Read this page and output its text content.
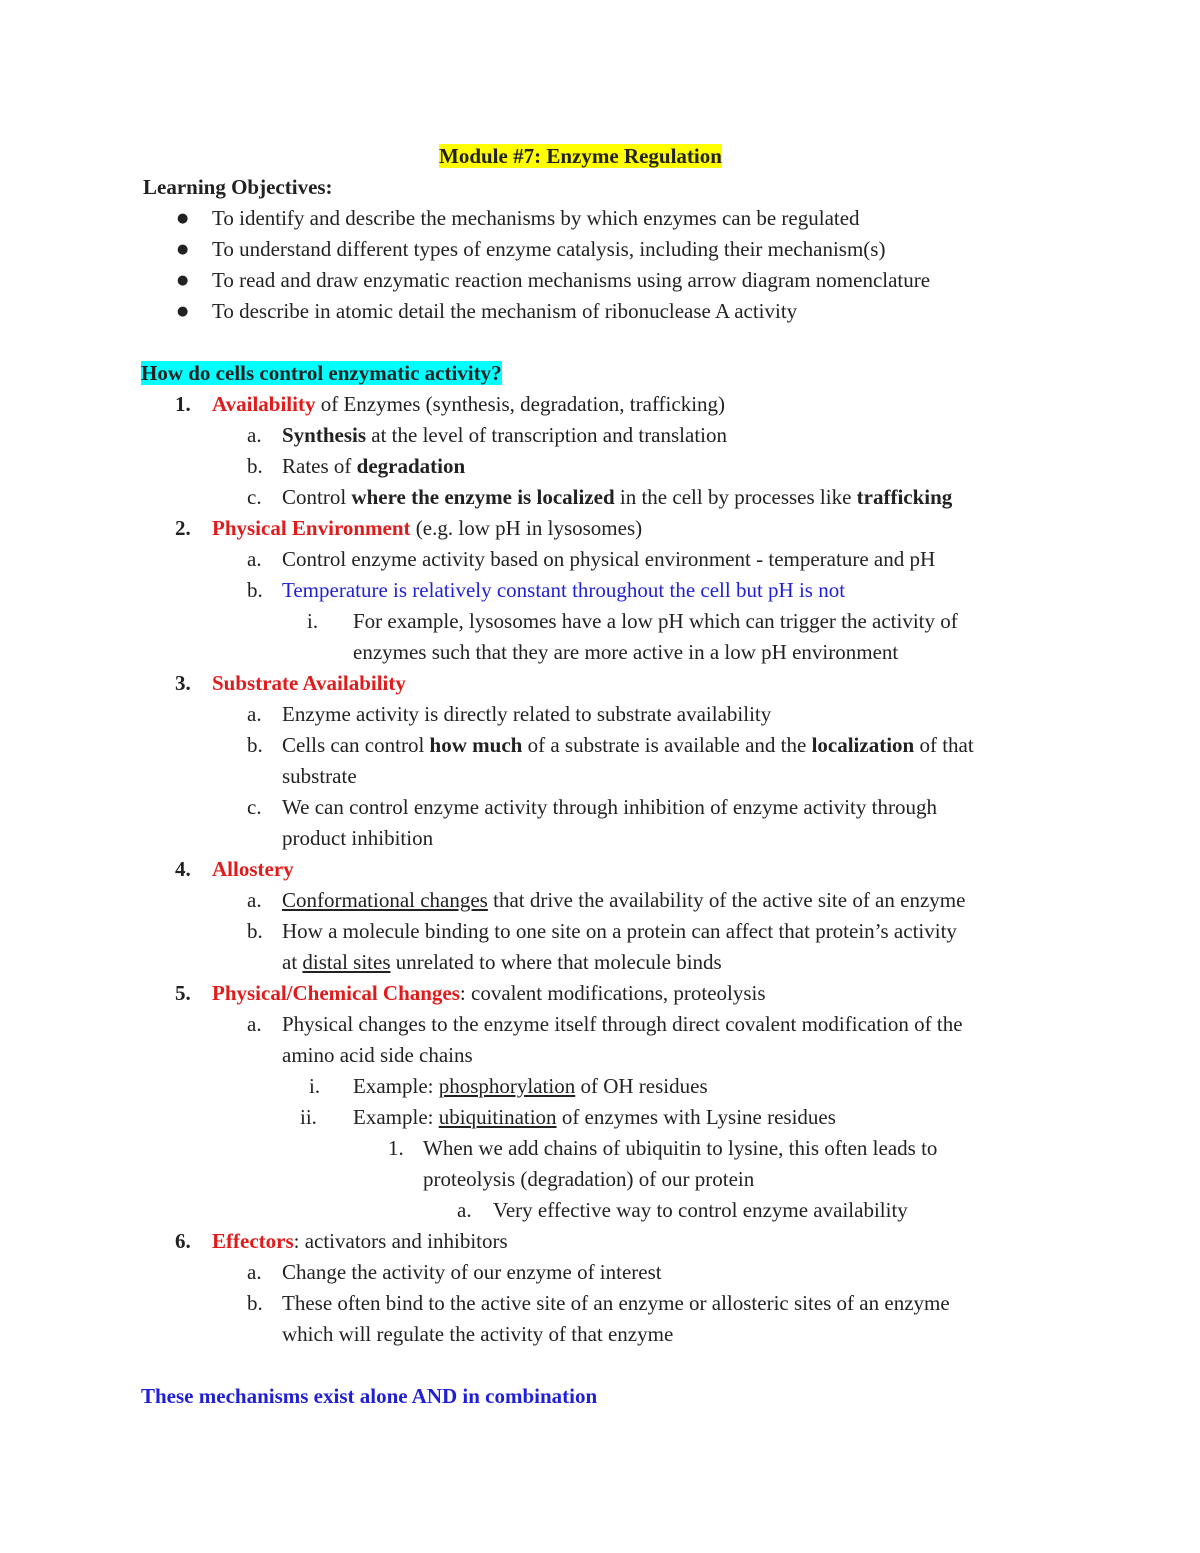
Module #7: Enzyme Regulation
Learning Objectives:
● To identify and describe the mechanisms by which enzymes can be regulated
● To understand different types of enzyme catalysis, including their mechanism(s)
● To read and draw enzymatic reaction mechanisms using arrow diagram nomenclature
● To describe in atomic detail the mechanism of ribonuclease A activity
How do cells control enzymatic activity?
1. Availability of Enzymes (synthesis, degradation, trafficking)
a. Synthesis at the level of transcription and translation
b. Rates of degradation
c. Control where the enzyme is localized in the cell by processes like trafficking
2. Physical Environment (e.g. low pH in lysosomes)
a. Control enzyme activity based on physical environment - temperature and pH
b. Temperature is relatively constant throughout the cell but pH is not
i. For example, lysosomes have a low pH which can trigger the activity of
enzymes such that they are more active in a low pH environment
3. Substrate Availability
a. Enzyme activity is directly related to substrate availability
b. Cells can control how much of a substrate is available and the localization of that
substrate
c. We can control enzyme activity through inhibition of enzyme activity through
product inhibition
4. Allostery
a. Conformational changes that drive the availability of the active site of an enzyme
b. How a molecule binding to one site on a protein can affect that protein’s activity
at distal sites unrelated to where that molecule binds
5. Physical/Chemical Changes: covalent modifications, proteolysis
a. Physical changes to the enzyme itself through direct covalent modification of the
amino acid side chains
i. Example: phosphorylation of OH residues
ii. Example: ubiquitination of enzymes with Lysine residues
1. When we add chains of ubiquitin to lysine, this often leads to
proteolysis (degradation) of our protein
a. Very effective way to control enzyme availability
6. Effectors: activators and inhibitors
a. Change the activity of our enzyme of interest
b. These often bind to the active site of an enzyme or allosteric sites of an enzyme
which will regulate the activity of that enzyme
These mechanisms exist alone AND in combination
